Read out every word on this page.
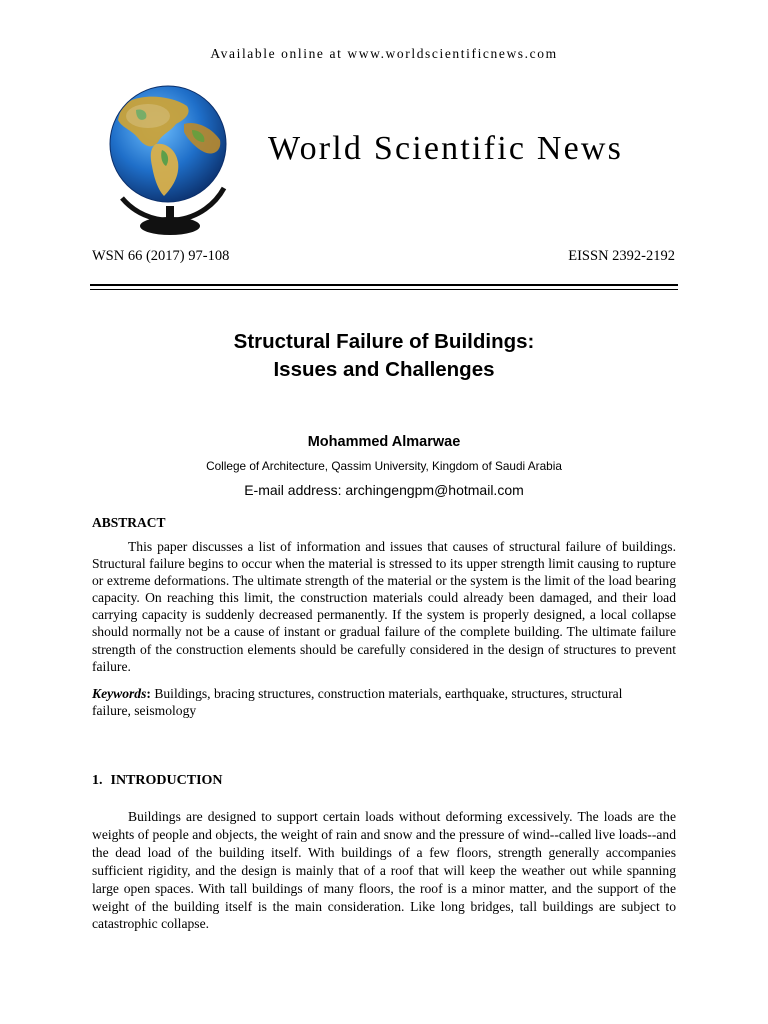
Available online at www.worldscientificnews.com
World Scientific News
WSN 66 (2017) 97-108	EISSN 2392-2192
Structural Failure of Buildings:
Issues and Challenges
Mohammed Almarwae
College of Architecture, Qassim University, Kingdom of Saudi Arabia
E-mail address: archingengpm@hotmail.com
ABSTRACT
This paper discusses a list of information and issues that causes of structural failure of buildings. Structural failure begins to occur when the material is stressed to its upper strength limit causing to rupture or extreme deformations. The ultimate strength of the material or the system is the limit of the load bearing capacity. On reaching this limit, the construction materials could already been damaged, and their load carrying capacity is suddenly decreased permanently. If the system is properly designed, a local collapse should normally not be a cause of instant or gradual failure of the complete building. The ultimate failure strength of the construction elements should be carefully considered in the design of structures to prevent failure.
Keywords: Buildings, bracing structures, construction materials, earthquake, structures, structural failure, seismology
1. INTRODUCTION
Buildings are designed to support certain loads without deforming excessively. The loads are the weights of people and objects, the weight of rain and snow and the pressure of wind--called live loads--and the dead load of the building itself. With buildings of a few floors, strength generally accompanies sufficient rigidity, and the design is mainly that of a roof that will keep the weather out while spanning large open spaces. With tall buildings of many floors, the roof is a minor matter, and the support of the weight of the building itself is the main consideration. Like long bridges, tall buildings are subject to catastrophic collapse.
